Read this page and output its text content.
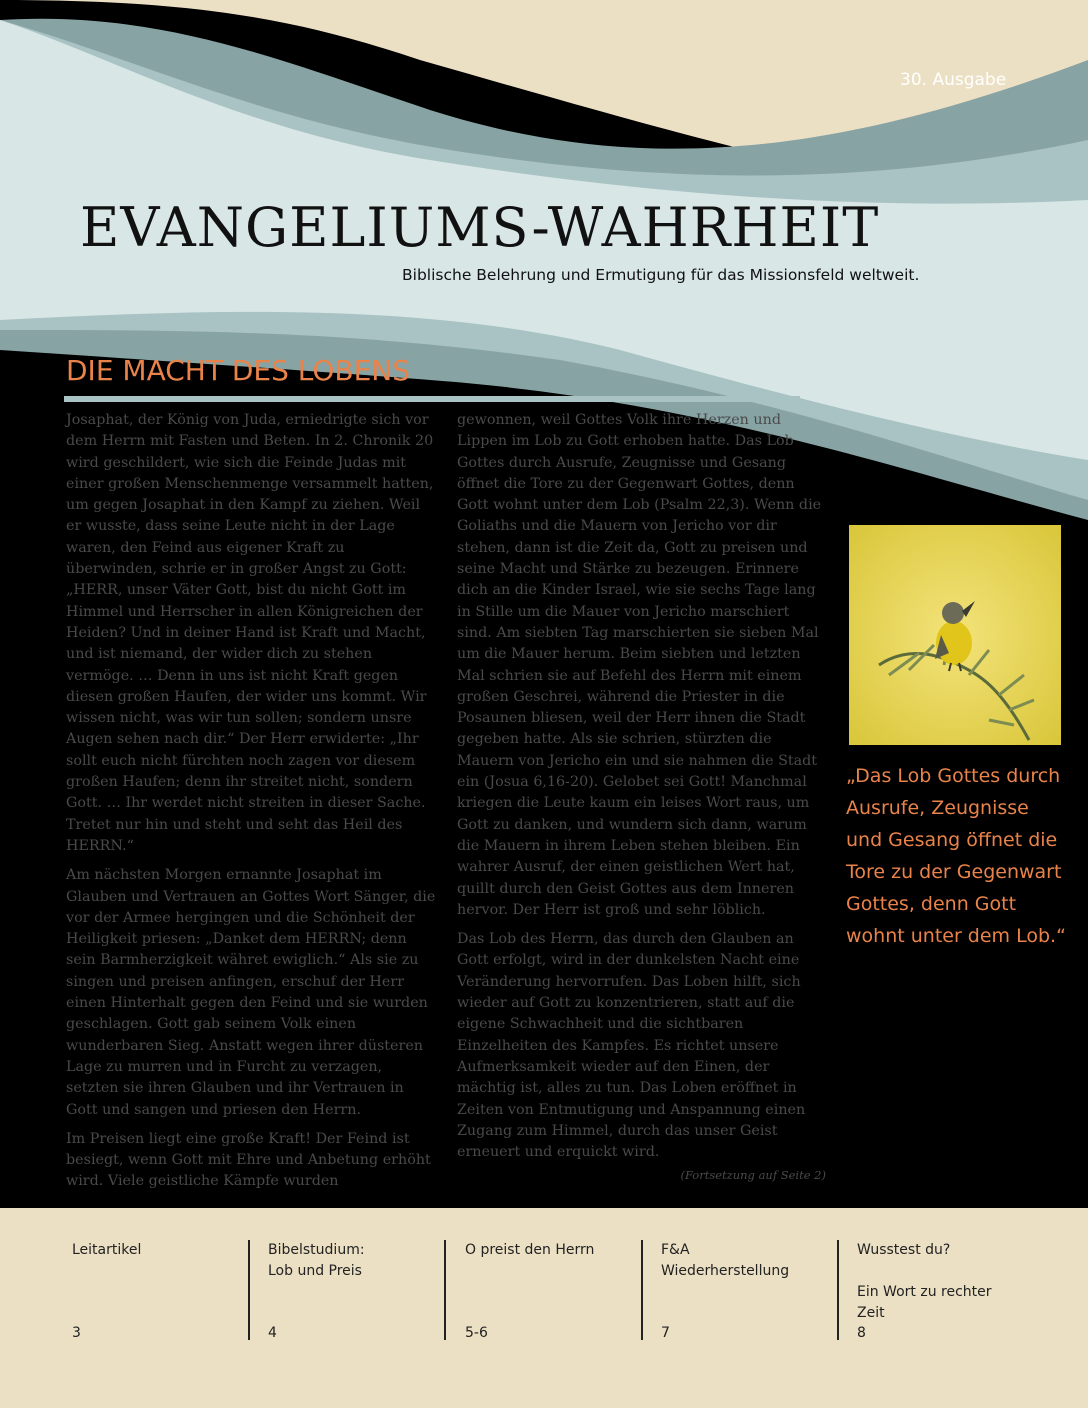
30. Ausgabe
EVANGELIUMS-WAHRHEIT
Biblische Belehrung und Ermutigung für das Missionsfeld weltweit.
DIE MACHT DES LOBENS

Josaphat, der König von Juda, erniedrigte sich vor dem Herrn mit Fasten und Beten. In 2. Chronik 20 wird geschildert, wie sich die Feinde Judas mit einer großen Menschenmenge versammelt hatten, um gegen Josaphat in den Kampf zu ziehen. Weil er wusste, dass seine Leute nicht in der Lage waren, den Feind aus eigener Kraft zu überwinden, schrie er in großer Angst zu Gott: „HERR, unser Väter Gott, bist du nicht Gott im Himmel und Herrscher in allen Königreichen der Heiden? Und in deiner Hand ist Kraft und Macht, und ist niemand, der wider dich zu stehen vermöge. … Denn in uns ist nicht Kraft gegen diesen großen Haufen, der wider uns kommt. Wir wissen nicht, was wir tun sollen; sondern unsre Augen sehen nach dir.“ Der Herr erwiderte: „Ihr sollt euch nicht fürchten noch zagen vor diesem großen Haufen; denn ihr streitet nicht, sondern Gott. … Ihr werdet nicht streiten in dieser Sache. Tretet nur hin und steht und seht das Heil des HERRN.“

Am nächsten Morgen ernannte Josaphat im Glauben und Vertrauen an Gottes Wort Sänger, die vor der Armee hergingen und die Schönheit der Heiligkeit priesen: „Danket dem HERRN; denn sein Barmherzigkeit währet ewiglich.“ Als sie zu singen und preisen anfingen, erschuf der Herr einen Hinterhalt gegen den Feind und sie wurden geschlagen. Gott gab seinem Volk einen wunderbaren Sieg. Anstatt wegen ihrer düsteren Lage zu murren und in Furcht zu verzagen, setzten sie ihren Glauben und ihr Vertrauen in Gott und sangen und priesen den Herrn.

Im Preisen liegt eine große Kraft! Der Feind ist besiegt, wenn Gott mit Ehre und Anbetung erhöht wird. Viele geistliche Kämpfe wurden

gewonnen, weil Gottes Volk ihre Herzen und Lippen im Lob zu Gott erhoben hatte. Das Lob Gottes durch Ausrufe, Zeugnisse und Gesang öffnet die Tore zu der Gegenwart Gottes, denn Gott wohnt unter dem Lob (Psalm 22,3). Wenn die Goliaths und die Mauern von Jericho vor dir stehen, dann ist die Zeit da, Gott zu preisen und seine Macht und Stärke zu bezeugen. Erinnere dich an die Kinder Israel, wie sie sechs Tage lang in Stille um die Mauer von Jericho marschiert sind. Am siebten Tag marschierten sie sieben Mal um die Mauer herum. Beim siebten und letzten Mal schrien sie auf Befehl des Herrn mit einem großen Geschrei, während die Priester in die Posaunen bliesen, weil der Herr ihnen die Stadt gegeben hatte. Als sie schrien, stürzten die Mauern von Jericho ein und sie nahmen die Stadt ein (Josua 6,16-20). Gelobet sei Gott! Manchmal kriegen die Leute kaum ein leises Wort raus, um Gott zu danken, und wundern sich dann, warum die Mauern in ihrem Leben stehen bleiben. Ein wahrer Ausruf, der einen geistlichen Wert hat, quillt durch den Geist Gottes aus dem Inneren hervor. Der Herr ist groß und sehr löblich.

Das Lob des Herrn, das durch den Glauben an Gott erfolgt, wird in der dunkelsten Nacht eine Veränderung hervorrufen. Das Loben hilft, sich wieder auf Gott zu konzentrieren, statt auf die eigene Schwachheit und die sichtbaren Einzelheiten des Kampfes. Es richtet unsere Aufmerksamkeit wieder auf den Einen, der mächtig ist, alles zu tun. Das Loben eröffnet in Zeiten von Entmutigung und Anspannung einen Zugang zum Himmel, durch das unser Geist erneuert und erquickt wird.

(Fortsetzung auf Seite 2)
„Das Lob Gottes durch Ausrufe, Zeugnisse und Gesang öffnet die Tore zu der Gegenwart Gottes, denn Gott wohnt unter dem Lob.“
Leitartikel
3
Bibelstudium:
Lob und Preis
4
O preist den Herrn
5-6
F&A
Wiederherstellung
7
Wusstest du?

Ein Wort zu rechter Zeit
8
